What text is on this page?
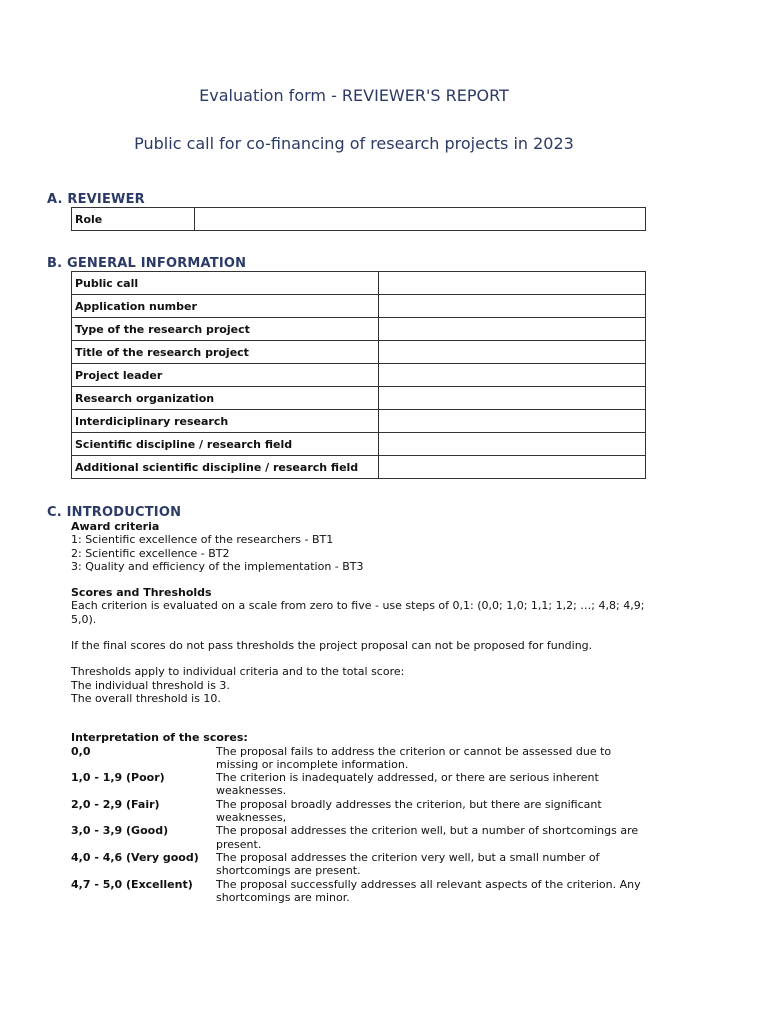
Evaluation form - REVIEWER'S REPORT
Public call for co-financing of research projects in 2023
A. REVIEWER
Role	
B. GENERAL INFORMATION
Public call	
Application number	
Type of the research project	
Title of the research project	
Project leader	
Research organization	
Interdiciplinary research	
Scientific discipline / research field	
Additional scientific discipline / research field	
C. INTRODUCTION

Award criteria

1: Scientific excellence of the researchers - BT1

2: Scientific excellence - BT2

3: Quality and efficiency of the implementation - BT3

Scores and Thresholds

Each criterion is evaluated on a scale from zero to five - use steps of 0,1: (0,0; 1,0; 1,1; 1,2; …; 4,8; 4,9; 5,0).

If the final scores do not pass thresholds the project proposal can not be proposed for funding.

Thresholds apply to individual criteria and to the total score:

The individual threshold is 3.

The overall threshold is 10.

Interpretation of the scores:

0,0	The proposal fails to address the criterion or cannot be assessed due to missing or incomplete information.
1,0 - 1,9 (Poor)	The criterion is inadequately addressed, or there are serious inherent weaknesses.
2,0 - 2,9 (Fair)	The proposal broadly addresses the criterion, but there are significant weaknesses,
3,0 - 3,9 (Good)	The proposal addresses the criterion well, but a number of shortcomings are present.
4,0 - 4,6 (Very good)	The proposal addresses the criterion very well, but a small number of shortcomings are present.
4,7 - 5,0 (Excellent)	The proposal successfully addresses all relevant aspects of the criterion. Any shortcomings are minor.
